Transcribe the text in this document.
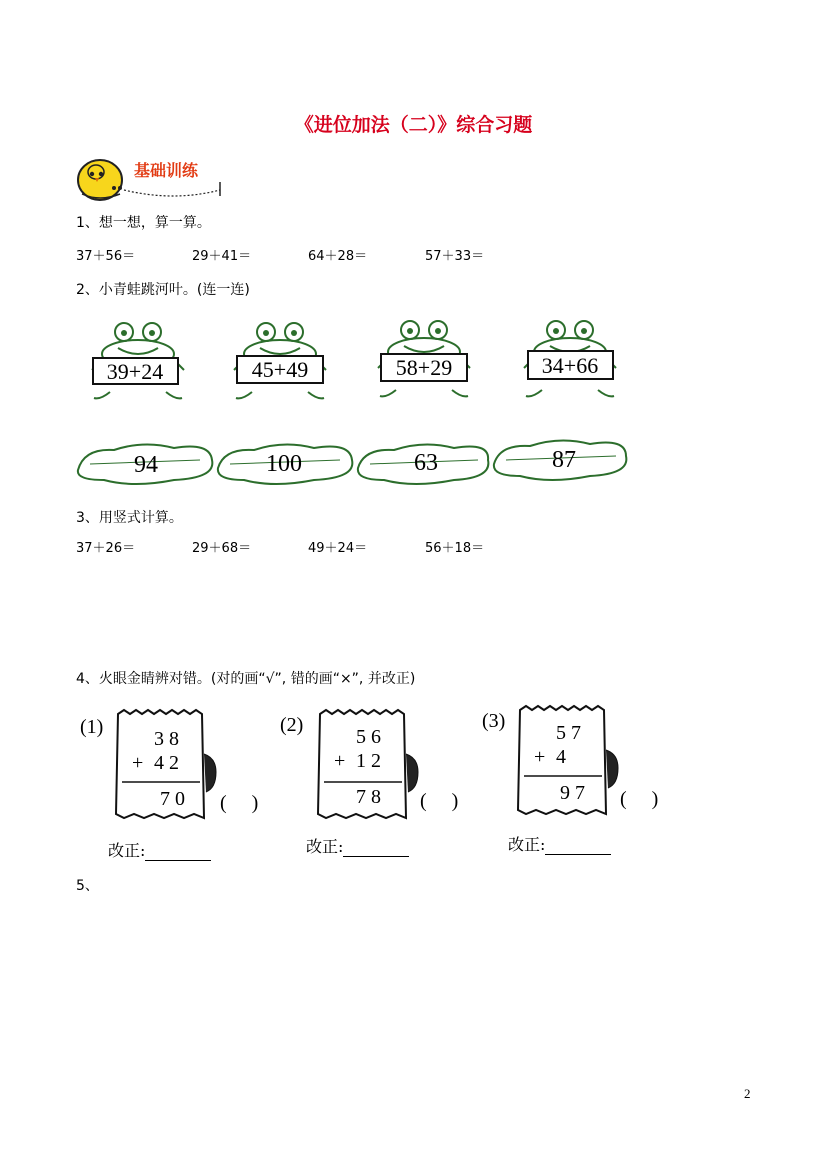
《进位加法（二）》综合习题
基础训练
1、想一想，算一算。
37＋56＝	29＋41＝	64＋28＝	57＋33＝
2、小青蛙跳河叶。(连一连)
39+24	45+49	58+29	34+66
94	100	63	87
3、用竖式计算。
37＋26＝	29＋68＝	49＋24＝	56＋18＝
4、火眼金睛辨对错。(对的画“√”, 错的画“×”, 并改正)
(1)
3 8
+ 4 2
7 0 (     )
改正:
(2)
5 6
+ 1 2
7 8 (     )
改正:
(3)
5 7
+ 4
9 7 (     )
改正:
5、
2
